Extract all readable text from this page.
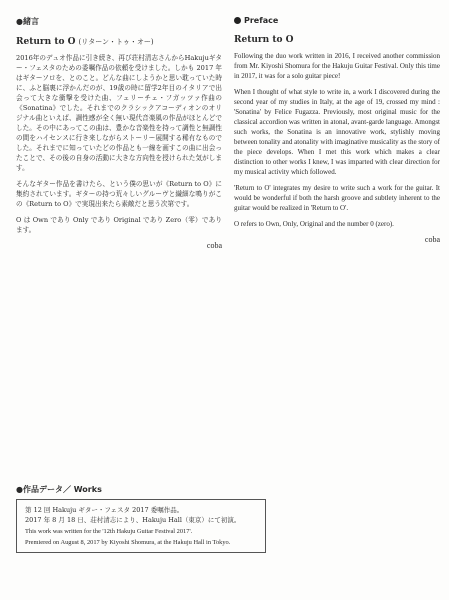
●緒言
Return to O (リターン・トゥ・オー)

2016年のデュオ作品に引き続き、再び荘村清志さんからHakujuギター・フェスタのための委嘱作品の依頼を受けました。しかも 2017 年はギターソロを、とのこと。どんな曲にしようかと思い耽っていた時に、ふと脳裏に浮かんだのが、19歳の時に留学2年目のイタリアで出会って大きな衝撃を受けた曲、フェリーチェ・フガッツァ作曲の《Sonatina》でした。それまでのクラシックアコーディオンのオリジナル曲といえば、調性感が全く無い現代音楽風の作品がほとんどでした。その中にあってこの曲は、豊かな音楽性を持って調性と無調性の間をハイセンスに行き来しながらストーリー展開する稀有なものでした。それまでに知っていたどの作品とも一線を画すこの曲に出会ったことで、その後の自身の活動に大きな方向性を授けられた気がします。

そんなギター作品を書けたら、という僕の思いが《Return to O》に集約されています。ギターの持つ荒々しいグルーヴと繊細な鳴りがこの《Return to O》で実現出来たら素敵だと思う次第です。

O は Own であり Only であり Original であり Zero（零）であります。

coba
Preface
Return to O

Following the duo work written in 2016, I received another commission from Mr. Kiyoshi Shomura for the Hakuju Guitar Festival. Only this time in 2017, it was for a solo guitar piece!

When I thought of what style to write in, a work I discovered during the second year of my studies in Italy, at the age of 19, crossed my mind : 'Sonatina' by Felice Fugazza. Previously, most original music for the classical accordion was written in atonal, avant-garde language. Amongst such works, the Sonatina is an innovative work, stylishly moving between tonality and atonality with imaginative musicality as the story of the piece develops. When I met this work which makes a clear distinction to other works I knew, I was imparted with clear direction for my musical activity which followed.

'Return to O' integrates my desire to write such a work for the guitar. It would be wonderful if both the harsh groove and subtlety inherent to the guitar would be realized in 'Return to O'.

O refers to Own, Only, Original and the number 0 (zero).

coba
●作品データ／ Works

第 12 回 Hakuju ギター・フェスタ 2017 委嘱作品。

2017 年 8 月 18 日、荘村清志により、Hakuju Hall（東京）にて初演。

This work was written for the '12th Hakuju Guitar Festival 2017'.

Premiered on August 8, 2017 by Kiyoshi Shomura, at the Hakuju Hall in Tokyo.
